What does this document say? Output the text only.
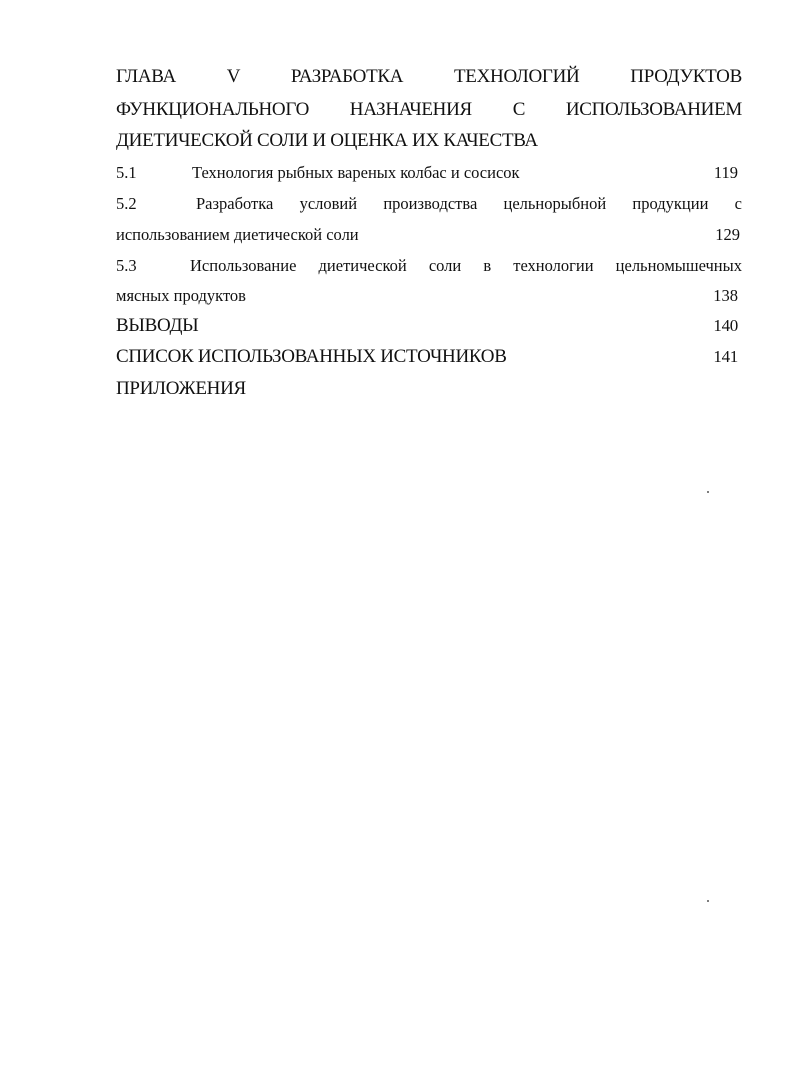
ГЛАВА	V	РАЗРАБОТКА	ТЕХНОЛОГИЙ	ПРОДУКТОВ
ФУНКЦИОНАЛЬНОГО НАЗНАЧЕНИЯ С ИСПОЛЬЗОВАНИЕМ
ДИЕТИЧЕСКОЙ СОЛИ И ОЦЕНКА ИХ КАЧЕСТВА
5.1	Технология рыбных вареных колбас и сосисок	119
5.2	Разработка условий производства цельнорыбной продукции с
использованием диетической соли	129
5.3	Использование диетической соли в технологии цельномышечных
мясных продуктов	138
ВЫВОДЫ	140
СПИСОК ИСПОЛЬЗОВАННЫХ ИСТОЧНИКОВ	141
ПРИЛОЖЕНИЯ
